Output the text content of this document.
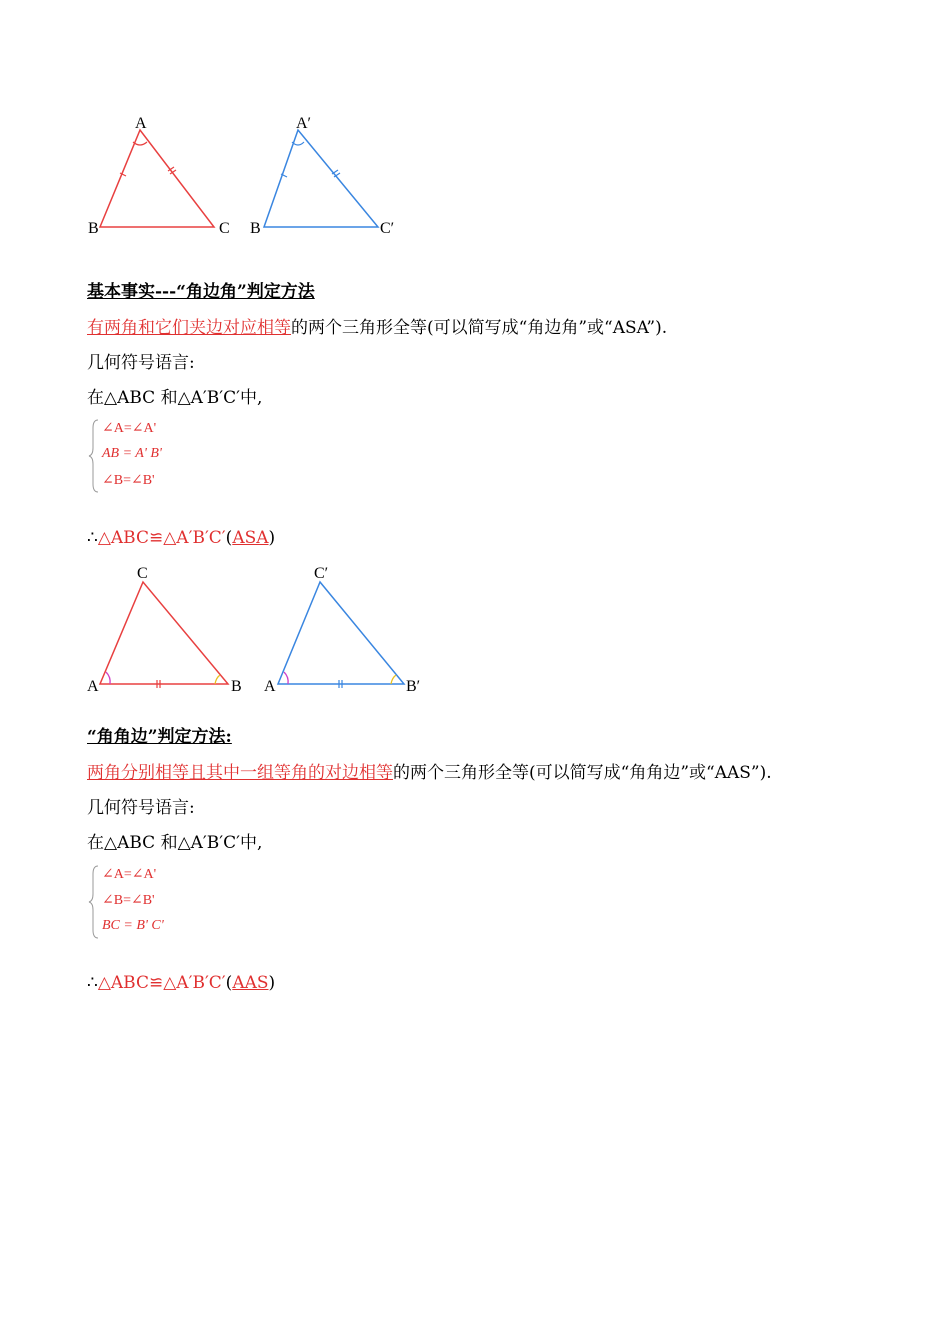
A
B	C
A′
B	C′
基本事实---“角边角”判定方法
有两角和它们夹边对应相等的两个三角形全等(可以简写成“角边角”或“ASA”).
几何符号语言:
在△ABC 和△A′B′C′中,
∠A=∠A'
AB = A' B'
∠B=∠B'
∴△ABC≌△A′B′C′(ASA)
C
A	B
C′
A	B′
“角角边”判定方法:
两角分别相等且其中一组等角的对边相等的两个三角形全等(可以简写成“角角边”或“AAS”).
几何符号语言:
在△ABC 和△A′B′C′中,
∠A=∠A'
∠B=∠B'
BC = B' C'
∴△ABC≌△A′B′C′(AAS)
